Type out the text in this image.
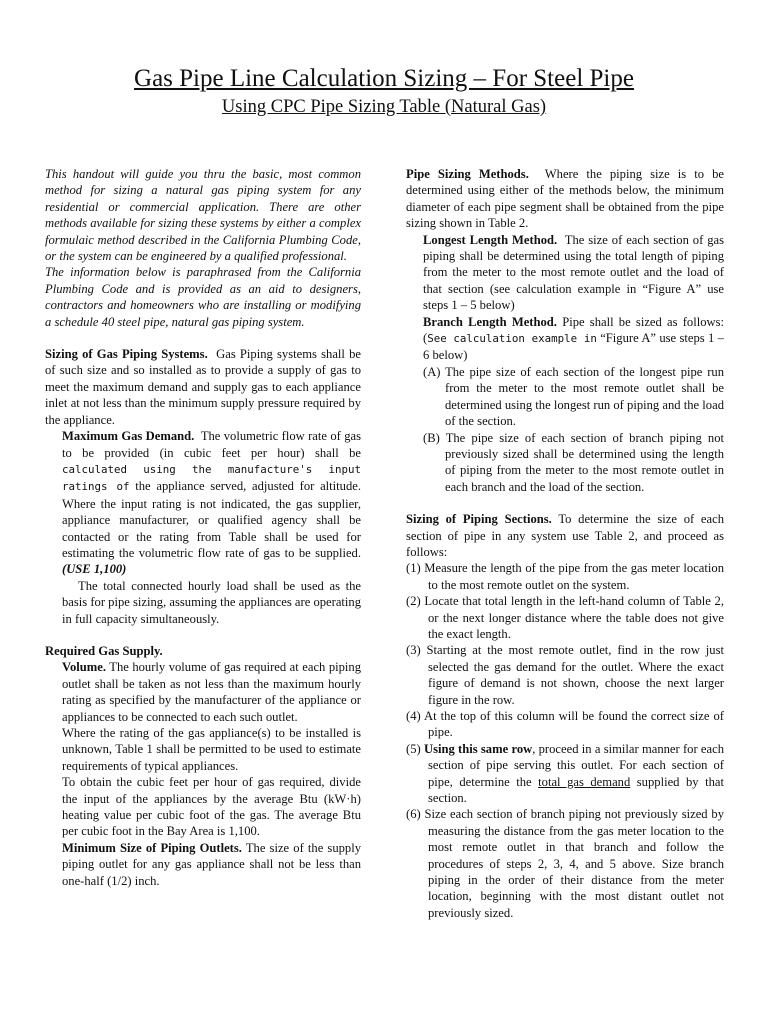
Gas Pipe Line Calculation Sizing – For Steel Pipe
Using CPC Pipe Sizing Table (Natural Gas)

This handout will guide you thru the basic, most common method for sizing a natural gas piping system for any residential or commercial application. There are other methods available for sizing these systems by either a complex formulaic method described in the California Plumbing Code, or the system can be engineered by a qualified professional.

The information below is paraphrased from the California Plumbing Code and is provided as an aid to designers, contractors and homeowners who are installing or modifying a schedule 40 steel pipe, natural gas piping system.

Sizing of Gas Piping Systems. Gas Piping systems shall be of such size and so installed as to provide a supply of gas to meet the maximum demand and supply gas to each appliance inlet at not less than the minimum supply pressure required by the appliance.

Maximum Gas Demand. The volumetric flow rate of gas to be provided (in cubic feet per hour) shall be calculated using the manufacture's input ratings of the appliance served, adjusted for altitude. Where the input rating is not indicated, the gas supplier, appliance manufacturer, or qualified agency shall be contacted or the rating from Table shall be used for estimating the volumetric flow rate of gas to be supplied. (USE 1,100)

The total connected hourly load shall be used as the basis for pipe sizing, assuming the appliances are operating in full capacity simultaneously.

Required Gas Supply.

Volume. The hourly volume of gas required at each piping outlet shall be taken as not less than the maximum hourly rating as specified by the manufacturer of the appliance or appliances to be connected to each such outlet.

Where the rating of the gas appliance(s) to be installed is unknown, Table 1 shall be permitted to be used to estimate requirements of typical appliances.

To obtain the cubic feet per hour of gas required, divide the input of the appliances by the average Btu (kW·h) heating value per cubic foot of the gas. The average Btu per cubic foot in the Bay Area is 1,100.

Minimum Size of Piping Outlets. The size of the supply piping outlet for any gas appliance shall not be less than one-half (1/2) inch.

Pipe Sizing Methods. Where the piping size is to be determined using either of the methods below, the minimum diameter of each pipe segment shall be obtained from the pipe sizing shown in Table 2.

Longest Length Method. The size of each section of gas piping shall be determined using the total length of piping from the meter to the most remote outlet and the load of that section (see calculation example in “Figure A” use steps 1 – 5 below)

Branch Length Method. Pipe shall be sized as follows: (See calculation example in “Figure A” use steps 1 – 6 below)

(A) The pipe size of each section of the longest pipe run from the meter to the most remote outlet shall be determined using the longest run of piping and the load of the section.

(B) The pipe size of each section of branch piping not previously sized shall be determined using the length of piping from the meter to the most remote outlet in each branch and the load of the section.

Sizing of Piping Sections. To determine the size of each section of pipe in any system use Table 2, and proceed as follows:

(1) Measure the length of the pipe from the gas meter location to the most remote outlet on the system.

(2) Locate that total length in the left-hand column of Table 2, or the next longer distance where the table does not give the exact length.

(3) Starting at the most remote outlet, find in the row just selected the gas demand for the outlet. Where the exact figure of demand is not shown, choose the next larger figure in the row.

(4) At the top of this column will be found the correct size of pipe.

(5) Using this same row, proceed in a similar manner for each section of pipe serving this outlet. For each section of pipe, determine the total gas demand supplied by that section.

(6) Size each section of branch piping not previously sized by measuring the distance from the gas meter location to the most remote outlet in that branch and follow the procedures of steps 2, 3, 4, and 5 above. Size branch piping in the order of their distance from the meter location, beginning with the most distant outlet not previously sized.
